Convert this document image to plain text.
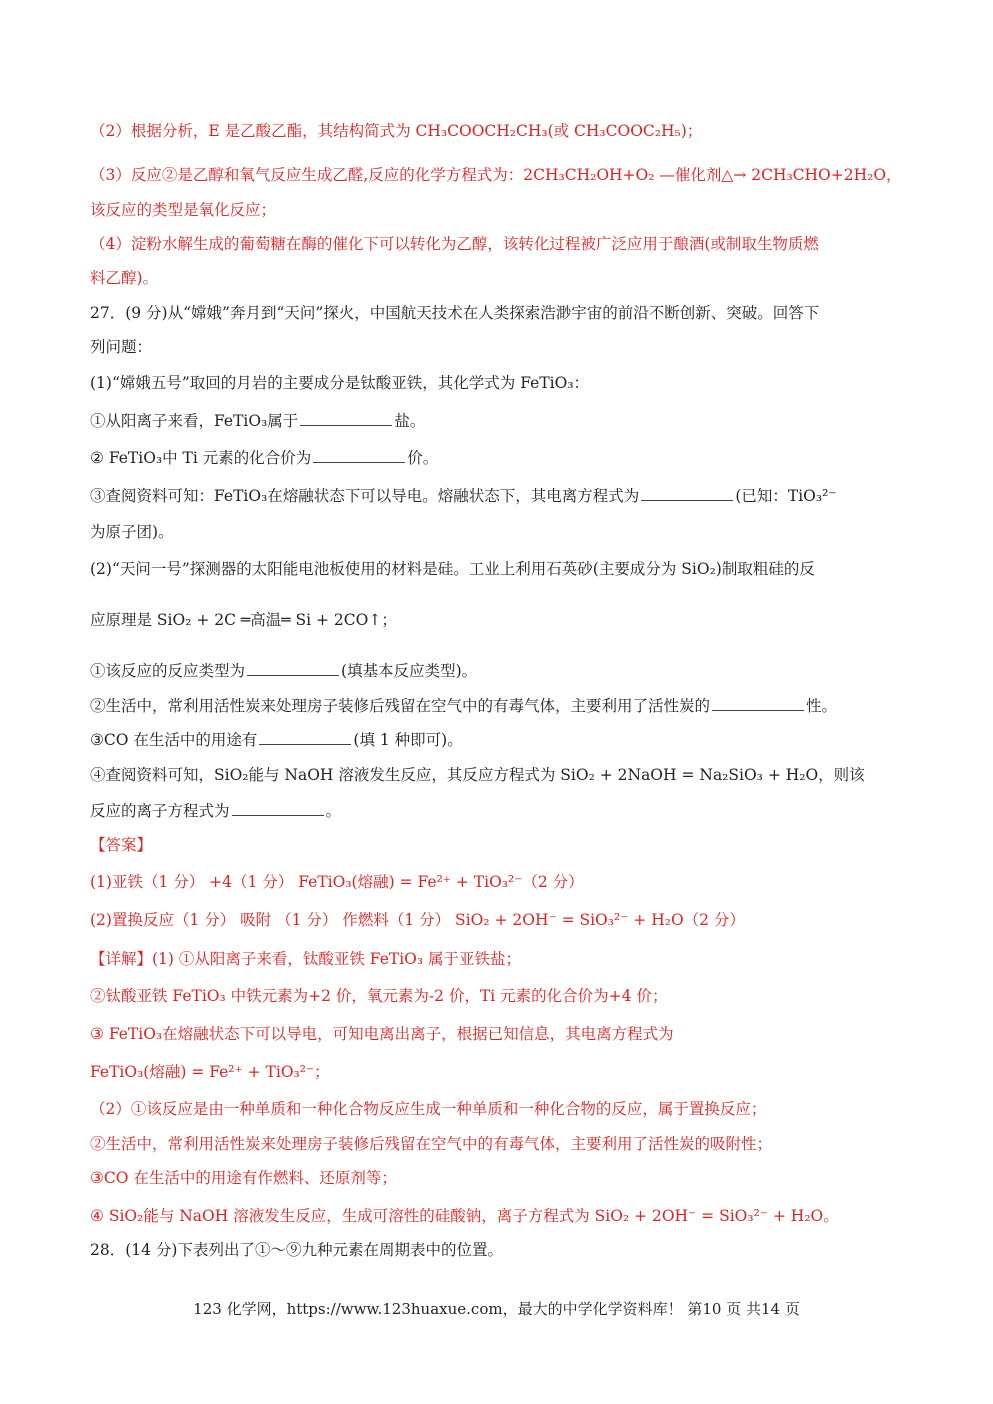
（2）根据分析，E 是乙酸乙酯，其结构简式为 CH₃COOCH₂CH₃(或 CH₃COOC₂H₅)；
（3）反应②是乙醇和氧气反应生成乙醛,反应的化学方程式为：2CH₃CH₂OH+O₂ —催化剂△→ 2CH₃CHO+2H₂O，
该反应的类型是氧化反应；
（4）淀粉水解生成的葡萄糖在酶的催化下可以转化为乙醇，该转化过程被广泛应用于酿酒(或制取生物质燃
料乙醇)。
27．(9 分)从“嫦娥”奔月到“天问”探火，中国航天技术在人类探索浩渺宇宙的前沿不断创新、突破。回答下
列问题：
(1)“嫦娥五号”取回的月岩的主要成分是钛酸亚铁，其化学式为 FeTiO₃：
①从阳离子来看，FeTiO₃属于	盐。
② FeTiO₃中 Ti 元素的化合价为	价。
③查阅资料可知：FeTiO₃在熔融状态下可以导电。熔融状态下，其电离方程式为	(已知：TiO₃²⁻
为原子团)。
(2)“天问一号”探测器的太阳能电池板使用的材料是硅。工业上利用石英砂(主要成分为 SiO₂)制取粗硅的反
应原理是 SiO₂ + 2C ═高温═ Si + 2CO↑；
①该反应的反应类型为	(填基本反应类型)。
②生活中，常利用活性炭来处理房子装修后残留在空气中的有毒气体，主要利用了活性炭的	性。
③CO 在生活中的用途有	(填 1 种即可)。
④查阅资料可知，SiO₂能与 NaOH 溶液发生反应，其反应方程式为 SiO₂ + 2NaOH = Na₂SiO₃ + H₂O，则该
反应的离子方程式为	。
【答案】
(1)亚铁（1 分） +4（1 分） FeTiO₃(熔融) = Fe²⁺ + TiO₃²⁻（2 分）
(2)置换反应（1 分） 吸附 （1 分） 作燃料（1 分） SiO₂ + 2OH⁻ = SiO₃²⁻ + H₂O（2 分）
【详解】(1) ①从阳离子来看，钛酸亚铁 FeTiO₃ 属于亚铁盐；
②钛酸亚铁 FeTiO₃ 中铁元素为+2 价，氧元素为-2 价，Ti 元素的化合价为+4 价；
③ FeTiO₃在熔融状态下可以导电，可知电离出离子，根据已知信息，其电离方程式为
FeTiO₃(熔融) = Fe²⁺ + TiO₃²⁻；
（2）①该反应是由一种单质和一种化合物反应生成一种单质和一种化合物的反应，属于置换反应；
②生活中，常利用活性炭来处理房子装修后残留在空气中的有毒气体，主要利用了活性炭的吸附性；
③CO 在生活中的用途有作燃料、还原剂等；
④ SiO₂能与 NaOH 溶液发生反应，生成可溶性的硅酸钠，离子方程式为 SiO₂ + 2OH⁻ = SiO₃²⁻ + H₂O。
28．(14 分)下表列出了①～⑨九种元素在周期表中的位置。
123 化学网，https://www.123huaxue.com，最大的中学化学资料库！ 第10 页 共14 页
